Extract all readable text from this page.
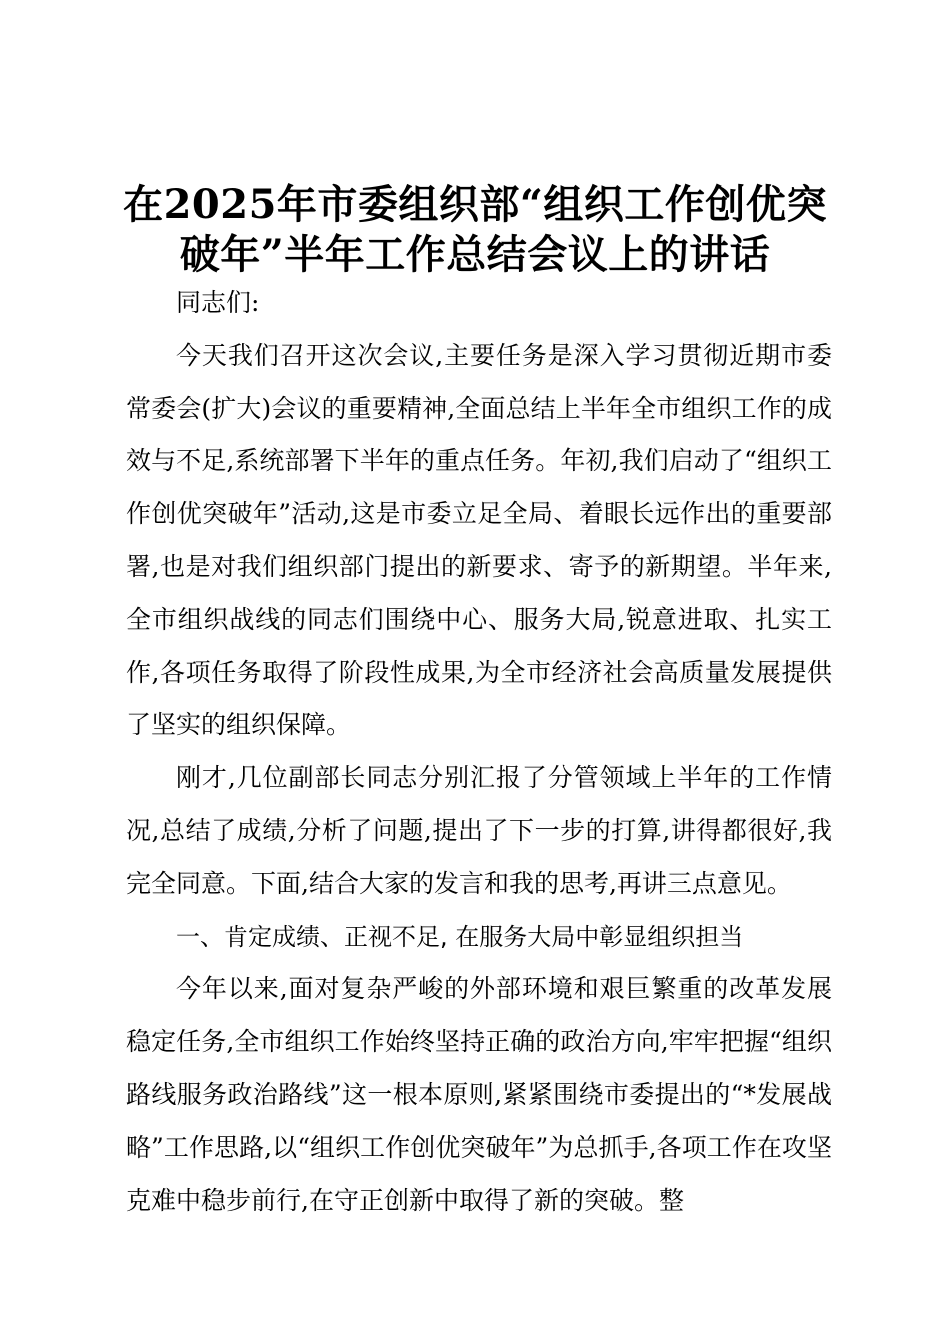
在2025年市委组织部“组织工作创优突破年”半年工作总结会议上的讲话

同志们:

今天我们召开这次会议,主要任务是深入学习贯彻近期市委常委会(扩大)会议的重要精神,全面总结上半年全市组织工作的成效与不足,系统部署下半年的重点任务。年初,我们启动了“组织工作创优突破年”活动,这是市委立足全局、着眼长远作出的重要部署,也是对我们组织部门提出的新要求、寄予的新期望。半年来,全市组织战线的同志们围绕中心、服务大局,锐意进取、扎实工作,各项任务取得了阶段性成果,为全市经济社会高质量发展提供了坚实的组织保障。

刚才,几位副部长同志分别汇报了分管领域上半年的工作情况,总结了成绩,分析了问题,提出了下一步的打算,讲得都很好,我完全同意。下面,结合大家的发言和我的思考,再讲三点意见。

一、肯定成绩、正视不足, 在服务大局中彰显组织担当

今年以来,面对复杂严峻的外部环境和艰巨繁重的改革发展稳定任务,全市组织工作始终坚持正确的政治方向,牢牢把握“组织路线服务政治路线”这一根本原则,紧紧围绕市委提出的“*发展战略”工作思路,以“组织工作创优突破年”为总抓手,各项工作在攻坚克难中稳步前行,在守正创新中取得了新的突破。整
